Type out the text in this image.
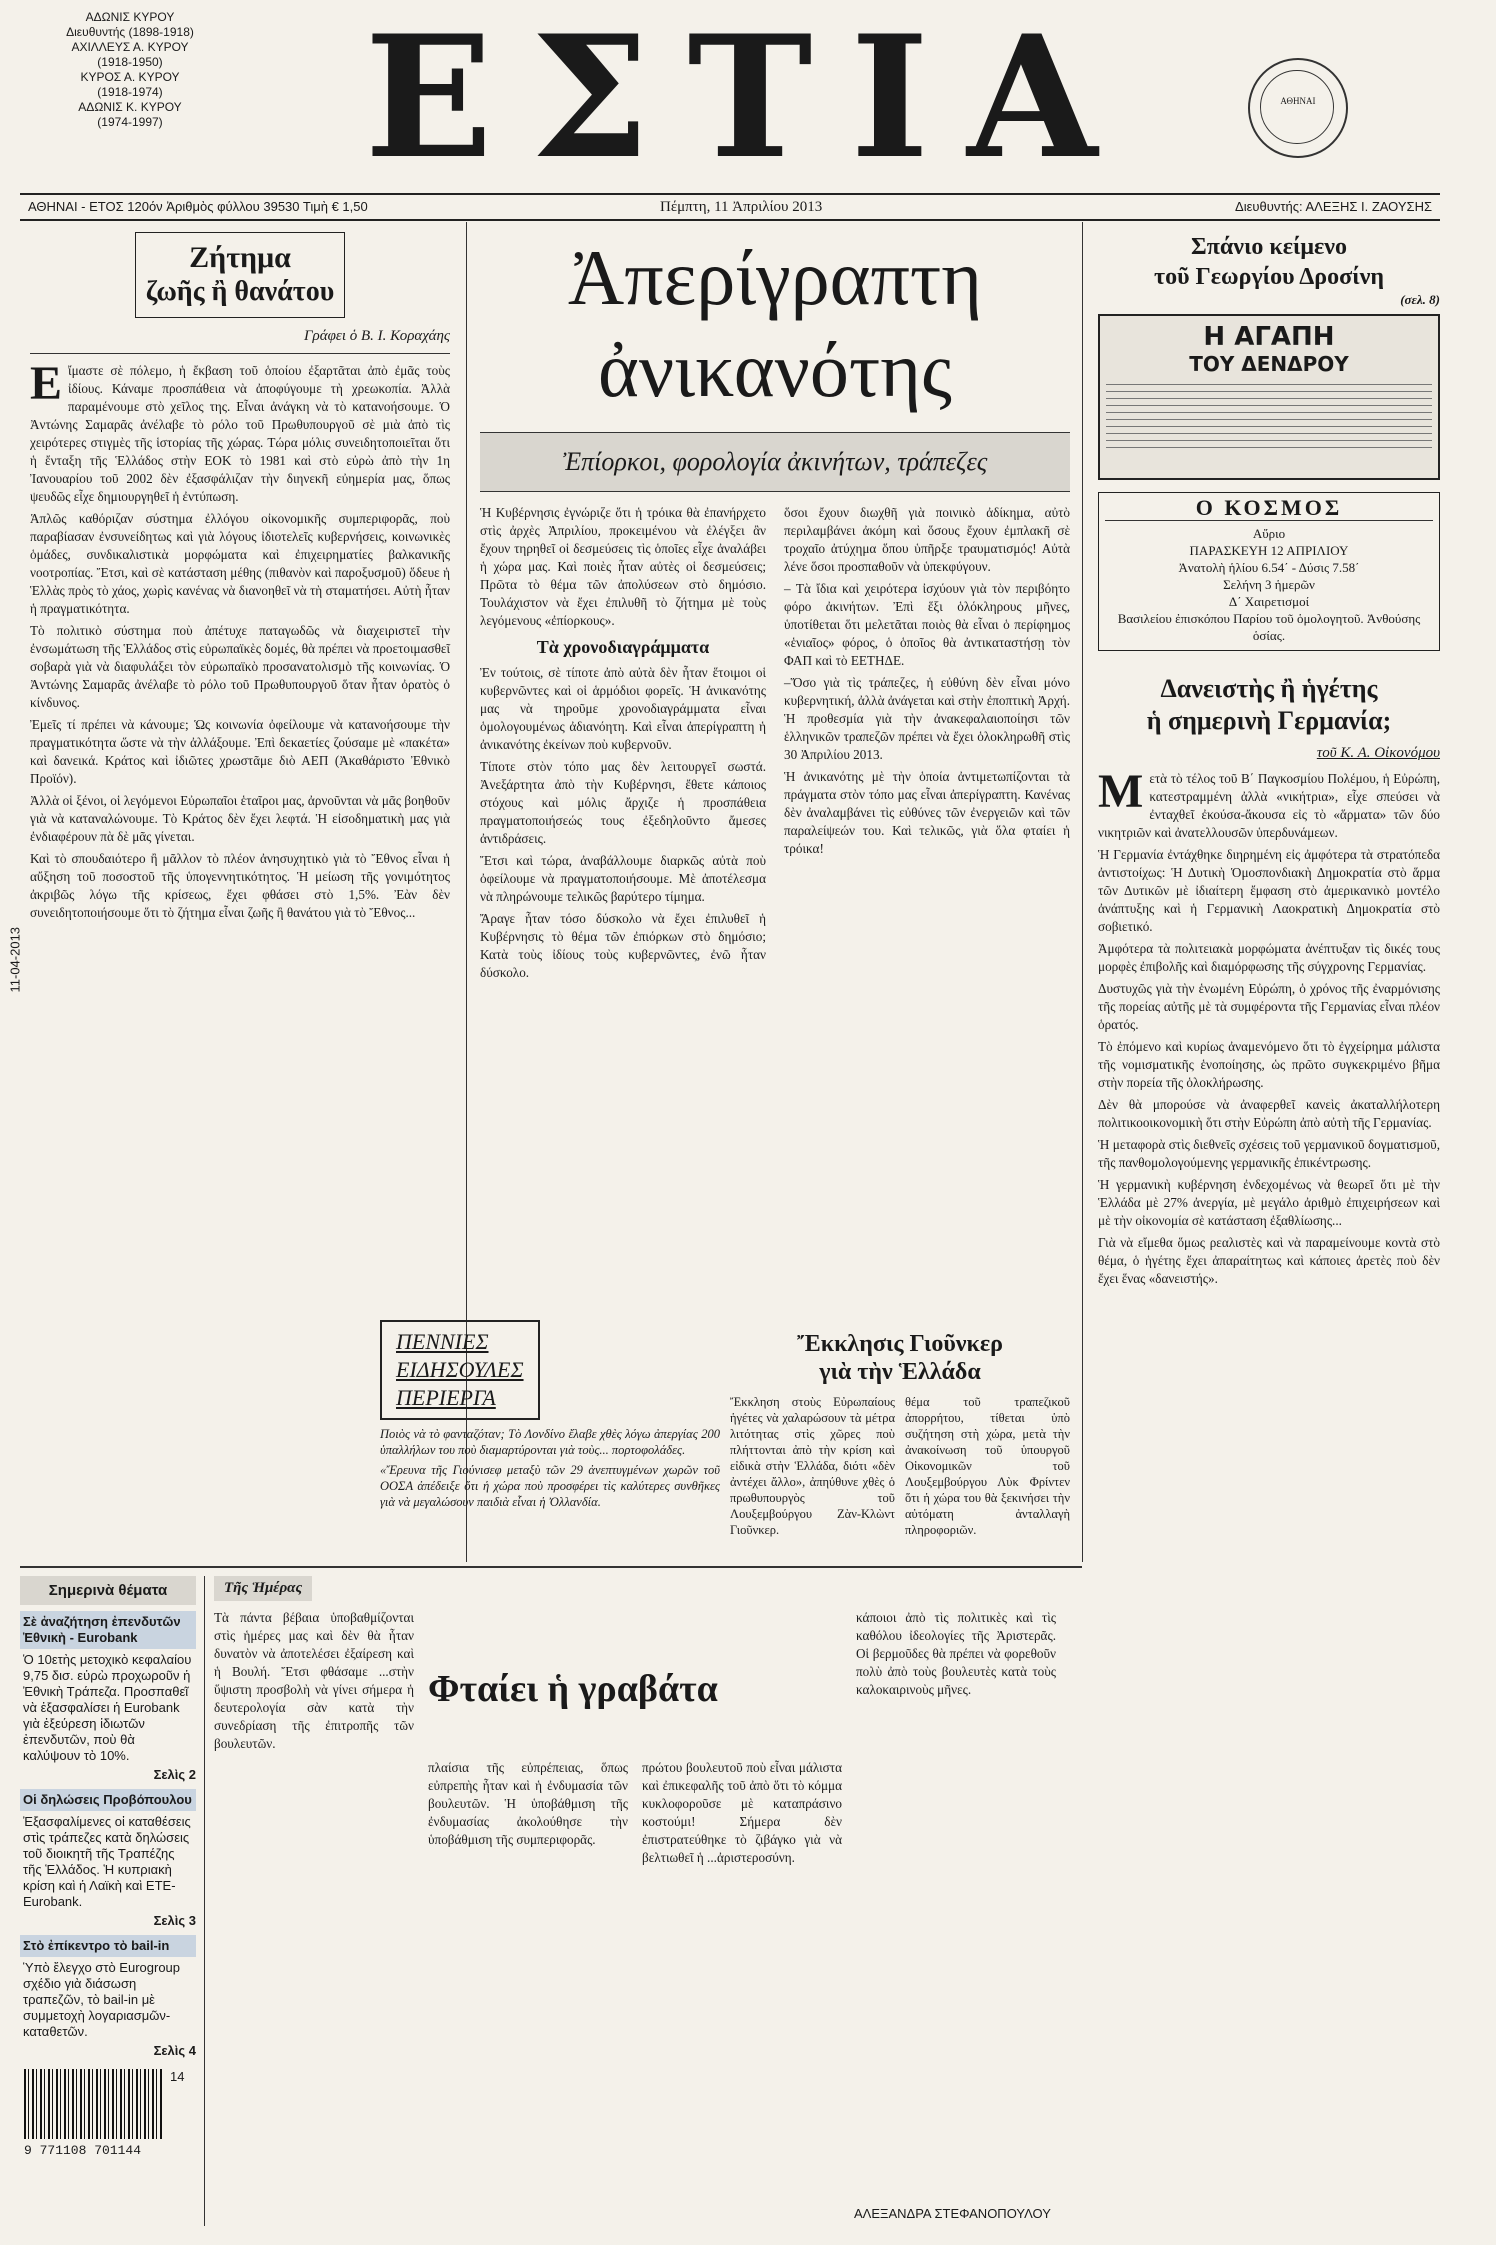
ΑΔΩΝΙΣ ΚΥΡΟΥ
Διευθυντής (1898-1918)
ΑΧΙΛΛΕΥΣ Α. ΚΥΡΟΥ
(1918-1950)
ΚΥΡΟΣ Α. ΚΥΡΟΥ
(1918-1974)
ΑΔΩΝΙΣ Κ. ΚΥΡΟΥ
(1974-1997)	ΕΣΤΙΑ	ΑΘΗΝΑΙ
ΑΘΗΝΑΙ - ΕΤΟΣ 120όν Ἀριθμὸς φύλλου 39530 Τιμὴ € 1,50	Πέμπτη, 11 Ἀπριλίου 2013	Διευθυντής: ΑΛΕΞΗΣ Ι. ΖΑΟΥΣΗΣ
11-04-2013
Ζήτημα
ζωῆς ἢ θανάτου
Γράφει ὁ Β. Ι. Κοραχάης

Εἴμαστε σὲ πόλεμο, ἡ ἔκβαση τοῦ ὁποίου ἐξαρτᾶται ἀπὸ ἐμᾶς τοὺς ἰδίους. Κάναμε προσπάθεια νὰ ἀποφύγουμε τὴ χρεωκοπία. Ἀλλὰ παραμένουμε στὸ χεῖλος της. Εἶναι ἀνάγκη νὰ τὸ κατανοήσουμε. Ὁ Ἀντώνης Σαμαρᾶς ἀνέλαβε τὸ ρόλο τοῦ Πρωθυπουργοῦ σὲ μιὰ ἀπὸ τὶς χειρότερες στιγμὲς τῆς ἱστορίας τῆς χώρας. Τώρα μόλις συνειδητοποιεῖται ὅτι ἡ ἔνταξη τῆς Ἑλλάδος στὴν ΕΟΚ τὸ 1981 καὶ στὸ εὐρὼ ἀπὸ τὴν 1η Ἰανουαρίου τοῦ 2002 δὲν ἐξασφάλιζαν τὴν διηνεκῆ εὐημερία μας, ὅπως ψευδῶς εἶχε δημιουργηθεῖ ἡ ἐντύπωση.

Ἁπλῶς καθόριζαν σύστημα ἐλλόγου οἰκονομικῆς συμπεριφορᾶς, ποὺ παραβίασαν ἐνσυνείδητως καὶ γιὰ λόγους ἰδιοτελεῖς κυβερνήσεις, κοινωνικὲς ὁμάδες, συνδικαλιστικὰ μορφώματα καὶ ἐπιχειρηματίες βαλκανικῆς νοοτροπίας. Ἔτσι, καὶ σὲ κατάσταση μέθης (πιθανὸν καὶ παροξυσμοῦ) ὅδευε ἡ Ἑλλὰς πρὸς τὸ χάος, χωρὶς κανένας νὰ διανοηθεῖ νὰ τὴ σταματήσει. Αὐτὴ ἦταν ἡ πραγματικότητα.

Τὸ πολιτικὸ σύστημα ποὺ ἀπέτυχε παταγωδῶς νὰ διαχειριστεῖ τὴν ἐνσωμάτωση τῆς Ἑλλάδος στὶς εὐρωπαϊκὲς δομές, θὰ πρέπει νὰ προετοιμασθεῖ σοβαρὰ γιὰ νὰ διαφυλάξει τὸν εὐρωπαϊκὸ προσανατολισμὸ τῆς κοινωνίας. Ὁ Ἀντώνης Σαμαρᾶς ἀνέλαβε τὸ ρόλο τοῦ Πρωθυπουργοῦ ὅταν ἦταν ὀρατὸς ὁ κίνδυνος.

Ἐμεῖς τί πρέπει νὰ κάνουμε; Ὡς κοινωνία ὀφείλουμε νὰ κατανοήσουμε τὴν πραγματικότητα ὥστε νὰ τὴν ἀλλάξουμε. Ἐπὶ δεκαετίες ζούσαμε μὲ «πακέτα» καὶ δανεικά. Κράτος καὶ ἰδιῶτες χρωστᾶμε διὸ ΑΕΠ (Ἀκαθάριστο Ἐθνικὸ Προϊόν).

Ἀλλὰ οἱ ξένοι, οἱ λεγόμενοι Εὐρωπαῖοι ἑταῖροι μας, ἀρνοῦνται νὰ μᾶς βοηθοῦν γιὰ νὰ καταναλώνουμε. Τὸ Κράτος δὲν ἔχει λεφτά. Ἡ εἰσοδηματικὴ μας γιὰ ἐνδιαφέρουν πὰ δὲ μᾶς γίνεται.

Καὶ τὸ σπουδαιότερο ἢ μᾶλλον τὸ πλέον ἀνησυχητικὸ γιὰ τὸ Ἔθνος εἶναι ἡ αὔξηση τοῦ ποσοστοῦ τῆς ὑπογεννητικότητος. Ἡ μείωση τῆς γονιμότητος ἀκριβῶς λόγω τῆς κρίσεως, ἔχει φθάσει στὸ 1,5%. Ἐὰν δὲν συνειδητοποιήσουμε ὅτι τὸ ζήτημα εἶναι ζωῆς ἢ θανάτου γιὰ τὸ Ἔθνος...

Ἀπερίγραπτη
ἀνικανότης
Ἐπίορκοι, φορολογία ἀκινήτων, τράπεζες

Ἡ Κυβέρνησις ἐγνώριζε ὅτι ἡ τρόικα θὰ ἐπανήρχετο στὶς ἀρχὲς Ἀπριλίου, προκειμένου νὰ ἐλέγξει ἂν ἔχουν τηρηθεῖ οἱ δεσμεύσεις τὶς ὁποῖες εἶχε ἀναλάβει ἡ χώρα μας. Καὶ ποιὲς ἦταν αὐτὲς οἱ δεσμεύσεις; Πρῶτα τὸ θέμα τῶν ἀπολύσεων στὸ δημόσιο. Τουλάχιστον νὰ ἔχει ἐπιλυθῆ τὸ ζήτημα μὲ τοὺς λεγόμενους «ἐπίορκους».

Τὰ χρονοδιαγράμματα

Ἐν τούτοις, σὲ τίποτε ἀπὸ αὐτὰ δὲν ἦταν ἕτοιμοι οἱ κυβερνῶντες καὶ οἱ ἁρμόδιοι φορεῖς. Ἡ ἀνικανότης μας νὰ τηροῦμε χρονοδιαγράμματα εἶναι ὁμολογουμένως ἀδιανόητη. Καὶ εἶναι ἀπερίγραπτη ἡ ἀνικανότης ἐκείνων ποὺ κυβερνοῦν.

Τίποτε στὸν τόπο μας δὲν λειτουργεῖ σωστά. Ἀνεξάρτητα ἀπὸ τὴν Κυβέρνησι, ἔθετε κάποιος στόχους καὶ μόλις ἄρχιζε ἡ προσπάθεια πραγματοποιήσεώς τους ἐξεδηλοῦντο ἄμεσες ἀντιδράσεις.

Ἔτσι καὶ τώρα, ἀναβάλλουμε διαρκῶς αὐτὰ ποὺ ὀφείλουμε νὰ πραγματοποιήσουμε. Μὲ ἀποτέλεσμα νὰ πληρώνουμε τελικῶς βαρύτερο τίμημα.

Ἄραγε ἦταν τόσο δύσκολο νὰ ἔχει ἐπιλυθεῖ ἡ Κυβέρνησις τὸ θέμα τῶν ἐπιόρκων στὸ δημόσιο; Κατὰ τοὺς ἰδίους τοὺς κυβερνῶντες, ἐνῶ ἦταν δύσκολο.

ὅσοι ἔχουν διωχθῆ γιὰ ποινικὸ ἀδίκημα, αὐτὸ περιλαμβάνει ἀκόμη καὶ ὅσους ἔχουν ἐμπλακῆ σὲ τροχαῖο ἀτύχημα ὅπου ὑπῆρξε τραυματισμός! Αὐτὰ λένε ὅσοι προσπαθοῦν νὰ ὑπεκφύγουν.

– Τὰ ἴδια καὶ χειρότερα ἰσχύουν γιὰ τὸν περιβόητο φόρο ἀκινήτων. Ἐπὶ ἕξι ὁλόκληρους μῆνες, ὑποτίθεται ὅτι μελετᾶται ποιὸς θὰ εἶναι ὁ περίφημος «ἑνιαῖος» φόρος, ὁ ὁποῖος θὰ ἀντικαταστήσῃ τὸν ΦΑΠ καὶ τὸ ΕΕΤΗΔΕ.

–Ὅσο γιὰ τὶς τράπεζες, ἡ εὐθύνη δὲν εἶναι μόνο κυβερνητική, ἀλλὰ ἀνάγεται καὶ στὴν ἐποπτικὴ Ἀρχή. Ἡ προθεσμία γιὰ τὴν ἀνακεφαλαιοποίησι τῶν ἑλληνικῶν τραπεζῶν πρέπει νὰ ἔχει ὁλοκληρωθῆ στὶς 30 Ἀπριλίου 2013.

Ἡ ἀνικανότης μὲ τὴν ὁποία ἀντιμετωπίζονται τὰ πράγματα στὸν τόπο μας εἶναι ἀπερίγραπτη. Κανένας δὲν ἀναλαμβάνει τὶς εὐθύνες τῶν ἐνεργειῶν καὶ τῶν παραλείψεών του. Καὶ τελικῶς, γιὰ ὅλα φταίει ἡ τρόικα!

Σπάνιο κείμενο
τοῦ Γεωργίου Δροσίνη
(σελ. 8)
Η ΑΓΑΠΗ
ΤΟΥ ΔΕΝΔΡΟΥ
Ο ΚΟΣΜΟΣ
Αὔριο
ΠΑΡΑΣΚΕΥΗ 12 ΑΠΡΙΛΙΟΥ
Ἀνατολὴ ἡλίου 6.54΄ - Δύσις 7.58΄
Σελήνη 3 ἡμερῶν
Δ΄ Χαιρετισμοί
Βασιλείου ἐπισκόπου Παρίου τοῦ ὁμολογητοῦ. Ἀνθούσης ὁσίας.
Δανειστὴς ἢ ἡγέτης
ἡ σημερινὴ Γερμανία;
τοῦ Κ. Α. Οἰκονόμου

Μετὰ τὸ τέλος τοῦ Β΄ Παγκοσμίου Πολέμου, ἡ Εὐρώπη, κατεστραμμένη ἀλλὰ «νικήτρια», εἶχε σπεύσει νὰ ἐνταχθεῖ ἐκούσα-ἄκουσα εἰς τὸ «ἅρματα» τῶν δύο νικητριῶν καὶ ἀνατελλουσῶν ὑπερδυνάμεων.

Ἡ Γερμανία ἐντάχθηκε διηρημένη εἰς ἀμφότερα τὰ στρατόπεδα ἀντιστοίχως: Ἡ Δυτικὴ Ὁμοσπονδιακὴ Δημοκρατία στὸ ἅρμα τῶν Δυτικῶν μὲ ἰδιαίτερη ἔμφαση στὸ ἀμερικανικὸ μοντέλο ἀνάπτυξης καὶ ἡ Γερμανικὴ Λαοκρατικὴ Δημοκρατία στὸ σοβιετικό.

Ἀμφότερα τὰ πολιτειακὰ μορφώματα ἀνέπτυξαν τὶς δικές τους μορφὲς ἐπιβολῆς καὶ διαμόρφωσης τῆς σύγχρονης Γερμανίας.

Δυστυχῶς γιὰ τὴν ἑνωμένη Εὐρώπη, ὁ χρόνος τῆς ἐναρμόνισης τῆς πορείας αὐτῆς μὲ τὰ συμφέροντα τῆς Γερμανίας εἶναι πλέον ὁρατός.

Τὸ ἐπόμενο καὶ κυρίως ἀναμενόμενο ὅτι τὸ ἐγχείρημα μάλιστα τῆς νομισματικῆς ἑνοποίησης, ὡς πρῶτο συγκεκριμένο βῆμα στὴν πορεία τῆς ὁλοκλήρωσης.

Δὲν θὰ μπορούσε νὰ ἀναφερθεῖ κανεὶς ἀκαταλλήλοτερη πολιτικοοικονομικὴ ὅτι στὴν Εὐρώπη ἀπὸ αὐτὴ τῆς Γερμανίας.

Ἡ μεταφορὰ στὶς διεθνεῖς σχέσεις τοῦ γερμανικοῦ δογματισμοῦ, τῆς πανθομολογούμενης γερμανικῆς ἐπικέντρωσης.

Ἡ γερμανικὴ κυβέρνηση ἐνδεχομένως νὰ θεωρεῖ ὅτι μὲ τὴν Ἑλλάδα μὲ 27% ἀνεργία, μὲ μεγάλο ἀριθμὸ ἐπιχειρήσεων καὶ μὲ τὴν οἰκονομία σὲ κατάσταση ἐξαθλίωσης...

Γιὰ νὰ εἴμεθα ὅμως ρεαλιστὲς καὶ νὰ παραμείνουμε κοντὰ στὸ θέμα, ὁ ἡγέτης ἔχει ἀπαραίτητως καὶ κάποιες ἀρετὲς ποὺ δὲν ἔχει ἕνας «δανειστής».

ΠΕΝΝΙΕΣ
ΕΙΔΗΣΟΥΛΕΣ
ΠΕΡΙΕΡΓΑ

Ποιὸς νὰ τὸ φανταζόταν; Τὸ Λονδίνο ἔλαβε χθὲς λόγω ἀπεργίας 200 ὑπαλλήλων του ποὺ διαμαρτύρονται γιὰ τοὺς... πορτοφολάδες.

«Ἔρευνα τῆς Γιούνισεφ μεταξὺ τῶν 29 ἀνεπτυγμένων χωρῶν τοῦ ΟΟΣΑ ἀπέδειξε ὅτι ἡ χώρα ποὺ προσφέρει τὶς καλύτερες συνθῆκες γιὰ νὰ μεγαλώσουν παιδιὰ εἶναι ἡ Ὀλλανδία.

Ἔκκλησις Γιοῦνκερ
γιὰ τὴν Ἑλλάδα
Ἔκκληση στοὺς Εὐρωπαίους ἡγέτες νὰ χαλαρώσουν τὰ μέτρα λιτότητας στὶς χῶρες ποὺ πλήττονται ἀπὸ τὴν κρίση καὶ εἰδικὰ στὴν Ἑλλάδα, διότι «δὲν ἀντέχει ἄλλο», ἀπηύθυνε χθὲς ὁ πρωθυπουργὸς τοῦ Λουξεμβούργου Ζὰν-Κλὼντ Γιοῦνκερ.
θέμα τοῦ τραπεζικοῦ ἀπορρήτου, τίθεται ὑπὸ συζήτηση στὴ χώρα, μετὰ τὴν ἀνακοίνωση τοῦ ὑπουργοῦ Οἰκονομικῶν τοῦ Λουξεμβούργου Λὺκ Φρίντεν ὅτι ἡ χώρα του θὰ ξεκινήσει τὴν αὐτόματη ἀνταλλαγὴ πληροφοριῶν.
Σημερινὰ θέματα
Σὲ ἀναζήτηση ἐπενδυτῶν Ἐθνικὴ - Eurobank
Ὁ 10ετὴς μετοχικὸ κεφαλαίου 9,75 δισ. εὐρὼ προχωροῦν ἡ Ἐθνικὴ Τράπεζα. Προσπαθεῖ νὰ ἐξασφαλίσει ἡ Eurobank γιὰ ἐξεύρεση ἰδιωτῶν ἐπενδυτῶν, ποὺ θὰ καλύψουν τὸ 10%.
Σελὶς 2
Οἱ δηλώσεις Προβόπουλου
Ἐξασφαλίμενες οἱ καταθέσεις στὶς τράπεζες κατὰ δηλώσεις τοῦ διοικητῆ τῆς Τραπέζης τῆς Ἑλλάδος. Ἡ κυπριακὴ κρίση καὶ ἡ Λαϊκὴ καὶ ΕΤΕ-Eurobank.
Σελὶς 3
Στὸ ἐπίκεντρο τὸ bail-in
Ὑπὸ ἔλεγχο στὸ Eurogroup σχέδιο γιὰ διάσωση τραπεζῶν, τὸ bail-in μὲ συμμετοχὴ λογαριασμῶν-καταθετῶν.
Σελὶς 4
14
9 771108 701144
Τῆς Ἡμέρας
Φταίει ἡ γραβάτα
Τὰ πάντα βέβαια ὑποβαθμίζονται στὶς ἡμέρες μας καὶ δὲν θὰ ἦταν δυνατὸν νὰ ἀποτελέσει ἐξαίρεση καὶ ἡ Βουλή. Ἔτσι φθάσαμε ...στὴν ὕψιστη προσβολὴ νὰ γίνει σήμερα ἡ δευτερολογία σὰν κατὰ τὴν συνεδρίαση τῆς ἐπιτροπῆς τῶν βουλευτῶν.
πλαίσια τῆς εὐπρέπειας, ὅπως εὐπρεπὴς ἦταν καὶ ἡ ἐνδυμασία τῶν βουλευτῶν. Ἡ ὑποβάθμιση τῆς ἐνδυμασίας ἀκολούθησε τὴν ὑποβάθμιση τῆς συμπεριφορᾶς.
πρώτου βουλευτοῦ ποὺ εἶναι μάλιστα καὶ ἐπικεφαλῆς τοῦ ἀπὸ ὅτι τὸ κόμμα κυκλοφοροῦσε μὲ καταπράσινο κοστούμι! Σήμερα δὲν ἐπιστρατεύθηκε τὸ ζιβάγκο γιὰ νὰ βελτιωθεῖ ἡ ...ἀριστεροσύνη.
κάποιοι ἀπὸ τὶς πολιτικὲς καὶ τὶς καθόλου ἰδεολογίες τῆς Ἀριστερᾶς. Οἱ βερμοῦδες θὰ πρέπει νὰ φορεθοῦν πολὺ ἀπὸ τοὺς βουλευτὲς κατὰ τοὺς καλοκαιρινοὺς μῆνες.
ΑΛΕΞΑΝΔΡΑ ΣΤΕΦΑΝΟΠΟΥΛΟΥ
